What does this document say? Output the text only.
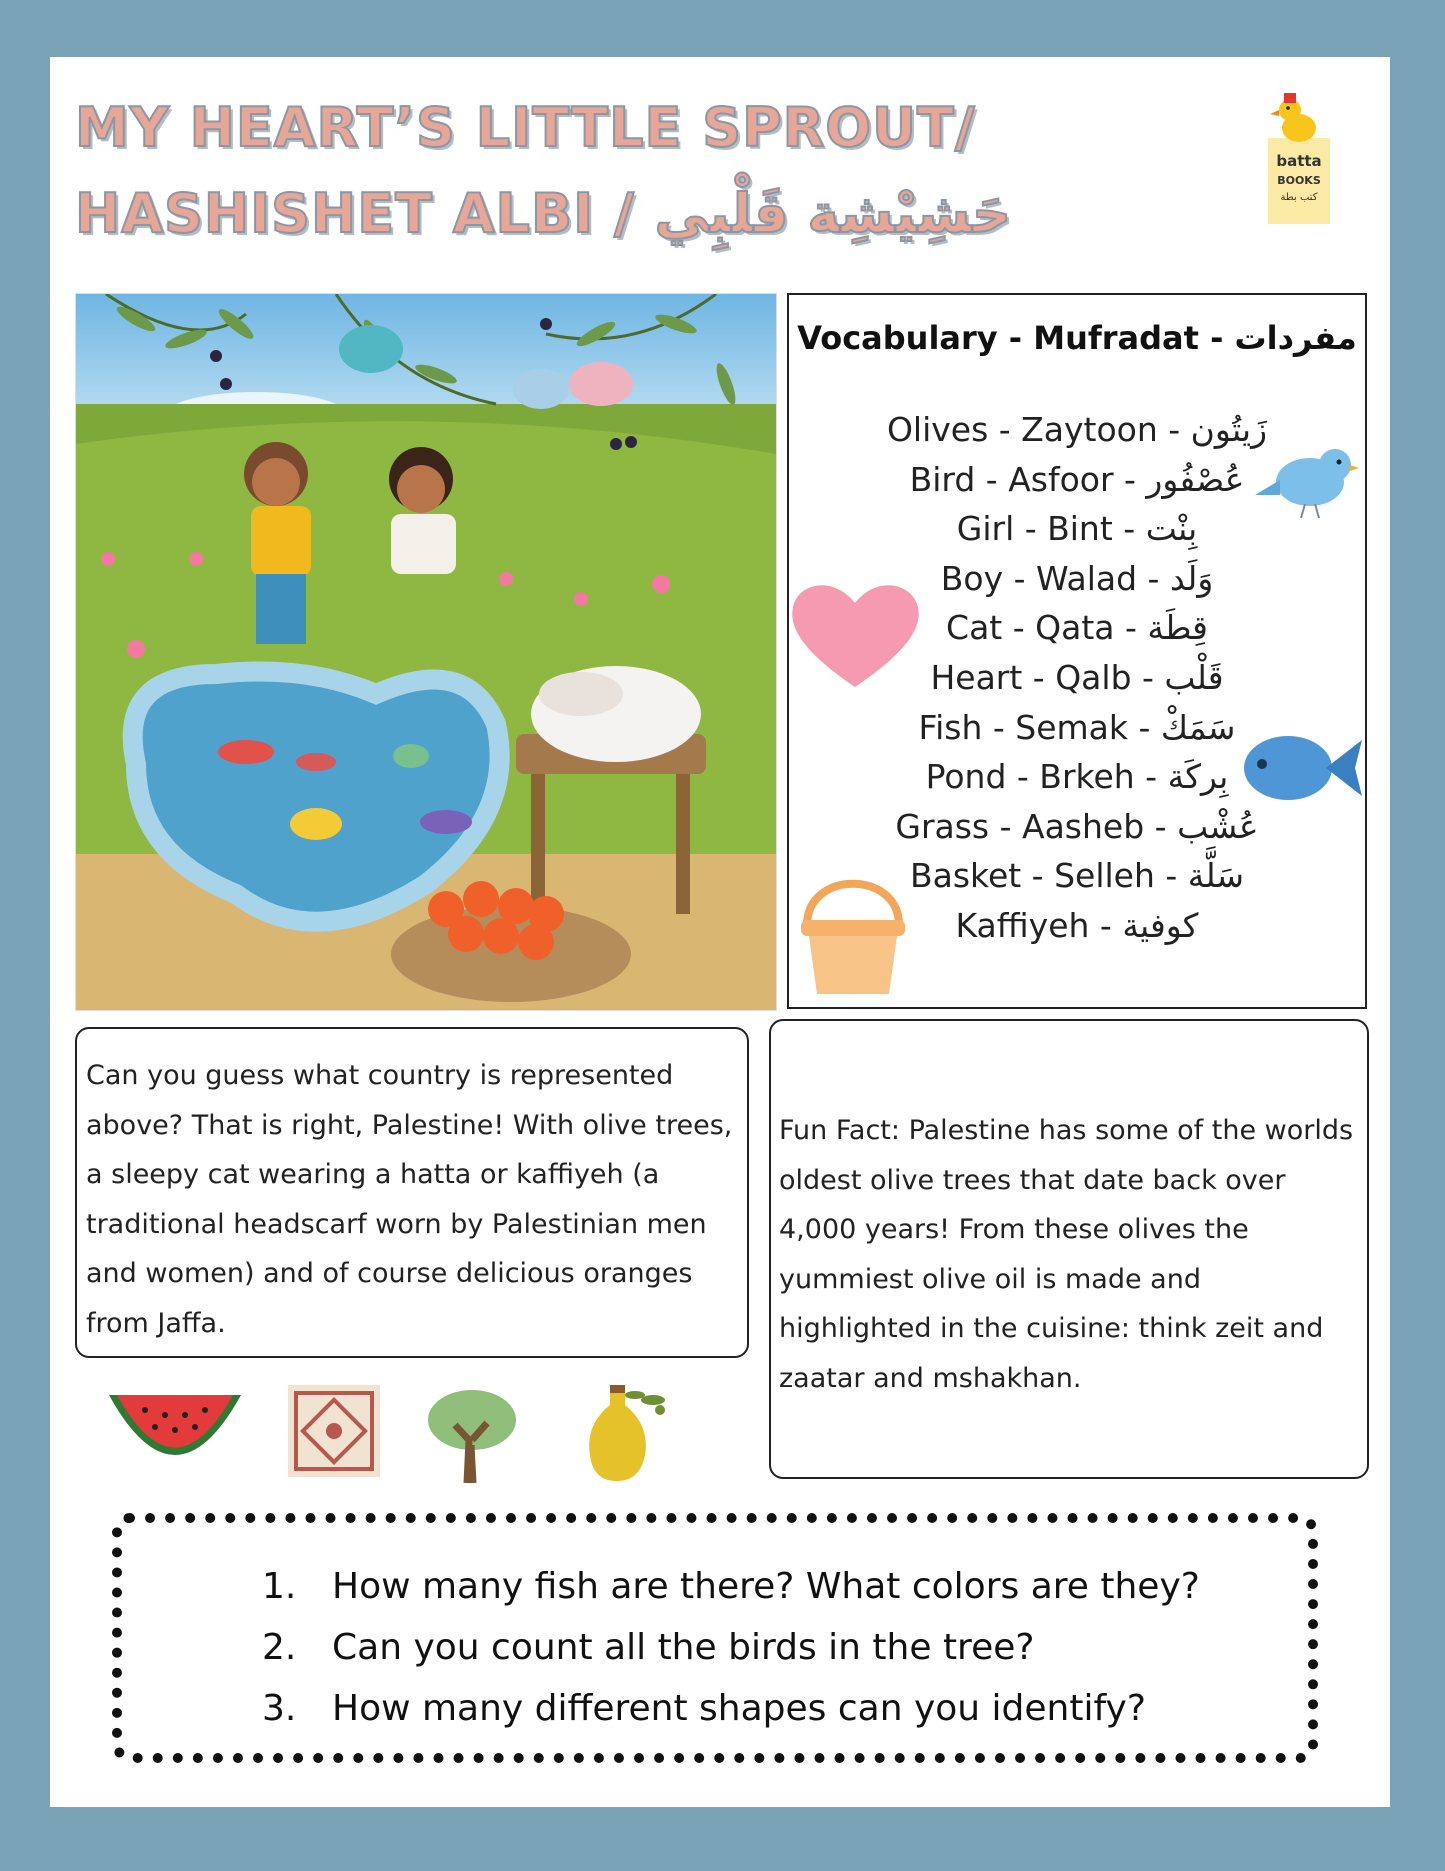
MY HEART’S LITTLE SPROUT/
HASHISHET ALBI / حَشِيْشِة قَلْبِي
batta
BOOKS
كتب بطة
Vocabulary - Mufradat - مفردات
Olives - Zaytoon - زَيتُون
Bird - Asfoor - عُصْفُور
Girl - Bint - بِنْت
Boy - Walad - وَلَد
Cat - Qata - قِطَة
Heart - Qalb - قَلْب
Fish - Semak - سَمَكْ
Pond - Brkeh - بِركَة
Grass - Aasheb - عُشْب
Basket - Selleh - سَلَّة
Kaffiyeh - كوفية
Can you guess what country is represented above? That is right, Palestine! With olive trees, a sleepy cat wearing a hatta or kaffiyeh (a traditional headscarf worn by Palestinian men and women) and of course delicious oranges from Jaffa.
Fun Fact: Palestine has some of the worlds oldest olive trees that date back over 4,000 years! From these olives the yummiest olive oil is made and highlighted in the cuisine: think zeit and zaatar and mshakhan.
1. How many fish are there? What colors are they?
2. Can you count all the birds in the tree?
3. How many different shapes can you identify?
